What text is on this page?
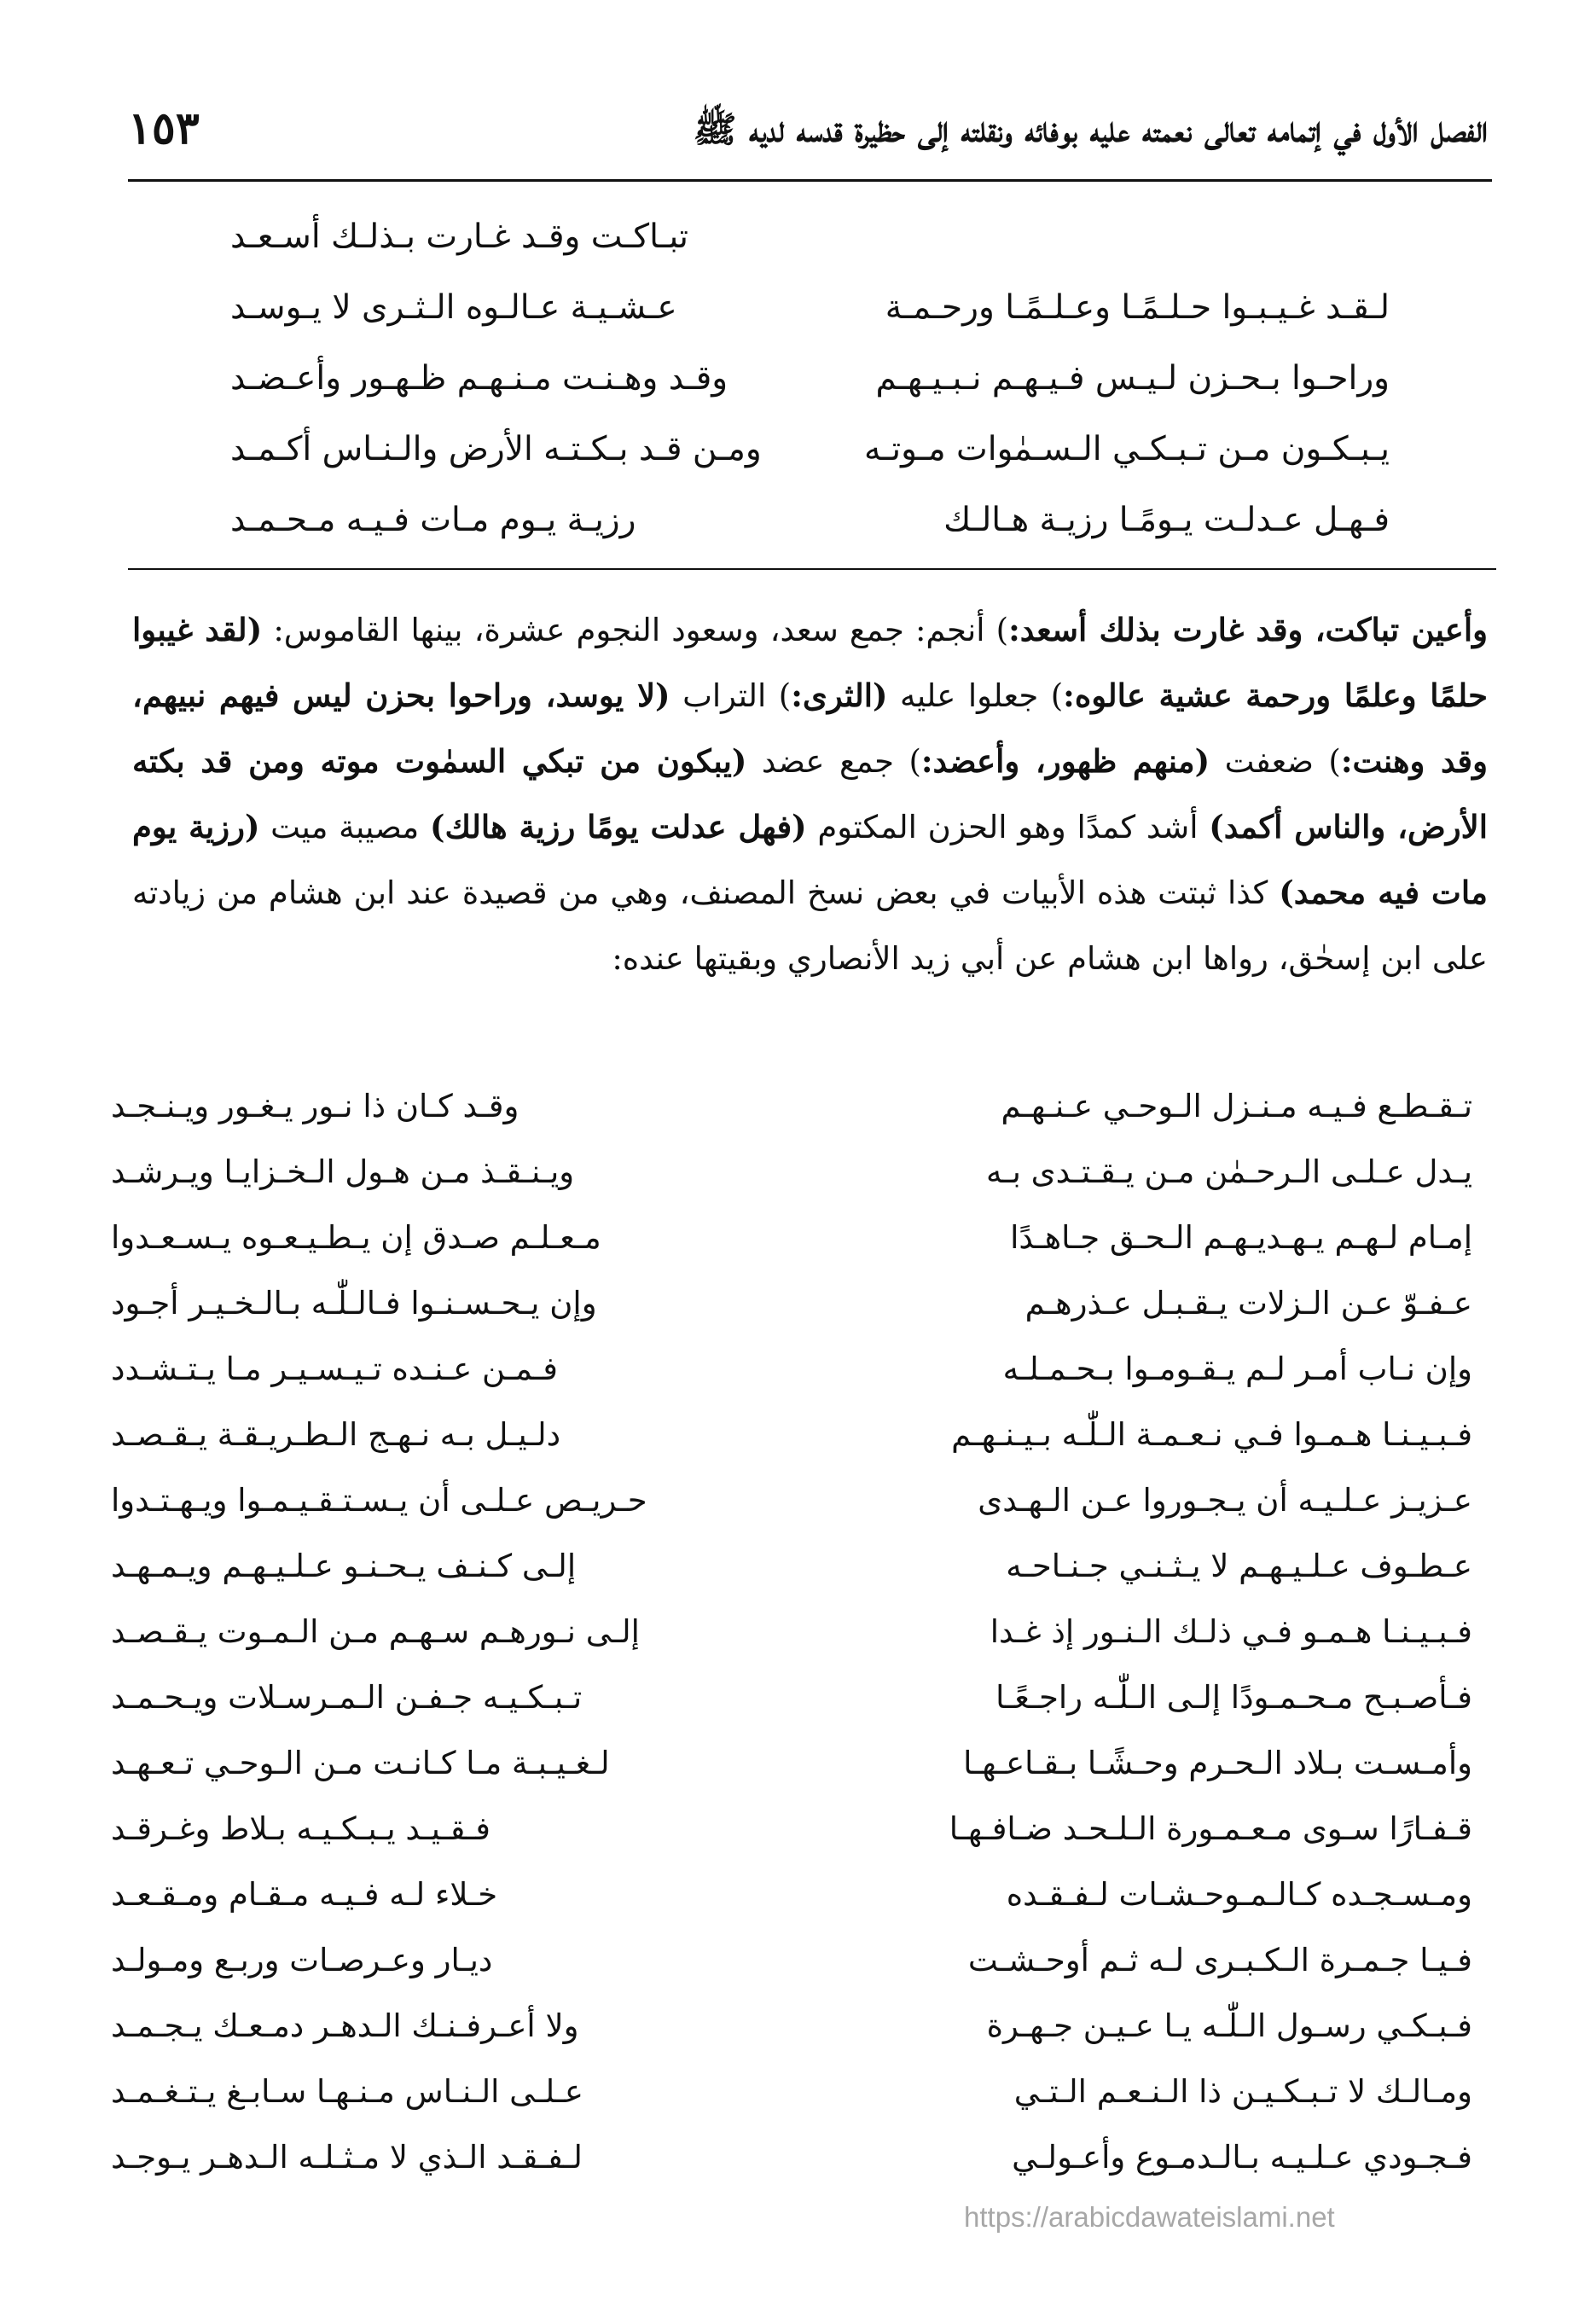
الفصل الأول في إتمامه تعالى نعمته عليه بوفائه ونقلته إلى حظيرة قدسه لديه ﷺ
١٥٣
تبـاكـت وقـد غـارت بـذلـك أسـعـد
لـقـد غـيـبـوا حـلـمًـا وعـلـمًـا ورحـمـة
عـشـيـة عـالـوه الـثـرى لا يـوسـد
وراحـوا بـحـزن لـيـس فـيـهـم نـبـيـهـم
وقـد وهـنـت مـنـهـم ظـهـور وأعـضـد
يـبـكـون مـن تـبـكـي الـسـمٰوات مـوتـه
ومـن قـد بـكـتـه الأرض والـنـاس أكـمـد
فـهـل عـدلـت يـومًـا رزيـة هـالـك
رزيـة يـوم مـات فـيـه مـحـمـد
وأعين تباكت، وقد غارت بذلك أسعد:) أنجم: جمع سعد، وسعود النجوم عشرة، بينها القاموس: (لقد غيبوا حلمًا وعلمًا ورحمة عشية عالوه:) جعلوا عليه (الثرى:) التراب (لا يوسد، وراحوا بحزن ليس فيهم نبيهم، وقد وهنت:) ضعفت (منهم ظهور، وأعضد:) جمع عضد (يبكون من تبكي السمٰوت موته ومن قد بكته الأرض، والناس أكمد) أشد كمدًا وهو الحزن المكتوم (فهل عدلت يومًا رزية هالك) مصيبة ميت (رزية يوم مات فيه محمد) كذا ثبتت هذه الأبيات في بعض نسخ المصنف، وهي من قصيدة عند ابن هشام من زيادته على ابن إسحٰق، رواها ابن هشام عن أبي زيد الأنصاري وبقيتها عنده:
تـقـطـع فـيـه مـنـزل الـوحـي عـنـهـم
وقـد كـان ذا نـور يـغـور ويـنـجـد
يـدل عـلـى الـرحـمٰن مـن يـقـتـدى بـه
ويـنـقـذ مـن هـول الـخـزايـا ويـرشـد
إمـام لـهـم يـهـديـهـم الـحـق جـاهـدًا
مـعـلـم صـدق إن يـطـيـعـوه يـسـعـدوا
عـفـوّ عـن الـزلات يـقـبـل عـذرهـم
وإن يـحـسـنـوا فـالـلّٰـه بـالـخـيـر أجـود
وإن نـاب أمـر لـم يـقـومـوا بـحـمـلـه
فـمـن عـنـده تـيـسـيـر مـا يـتـشـدد
فـبـيـنـا هـمـوا فـي نـعـمـة الـلّٰـه بـيـنـهـم
دلـيـل بـه نـهـج الـطـريـقـة يـقـصـد
عـزيـز عـلـيـه أن يـجـوروا عـن الـهـدى
حـريـص عـلـى أن يـسـتـقـيـمـوا ويـهـتـدوا
عـطـوف عـلـيـهـم لا يـثـنـي جـنـاحـه
إلـى كـنـف يـحـنـو عـلـيـهـم ويـمـهـد
فـبـيـنـا هـمـو فـي ذلـك الـنـور إذ غـدا
إلـى نـورهـم سـهـم مـن الـمـوت يـقـصـد
فـأصـبـح مـحـمـودًا إلـى الـلّٰـه راجـعًـا
تـبـكـيـه جـفـن الـمـرسـلات ويـحـمـد
وأمـسـت بـلاد الـحـرم وحـشًـا بـقـاعـهـا
لـغـيـبـة مـا كـانـت مـن الـوحـي تـعـهـد
قـفـارًا سـوى مـعـمـورة الـلـحـد ضـافـهـا
فـقـيـد يـبـكـيـه بـلاط وغـرقـد
ومـسـجـده كـالـمـوحـشـات لـفـقـده
خـلاء لـه فـيـه مـقـام ومـقـعـد
فـيـا جـمـرة الـكـبـرى لـه ثـم أوحـشـت
ديـار وعـرصـات وربـع ومـولـد
فـبـكـي رسـول الـلّٰـه يـا عـيـن جـهـرة
ولا أعـرفـنـك الـدهـر دمـعـك يـجـمـد
ومـالـك لا تـبـكـيـن ذا الـنـعـم الـتـي
عـلـى الـنـاس مـنـهـا سـابـغ يـتـغـمـد
فـجـودي عـلـيـه بـالـدمـوع وأعـولـي
لـفـقـد الـذي لا مـثـلـه الـدهـر يـوجـد
https://arabicdawateislami.net
